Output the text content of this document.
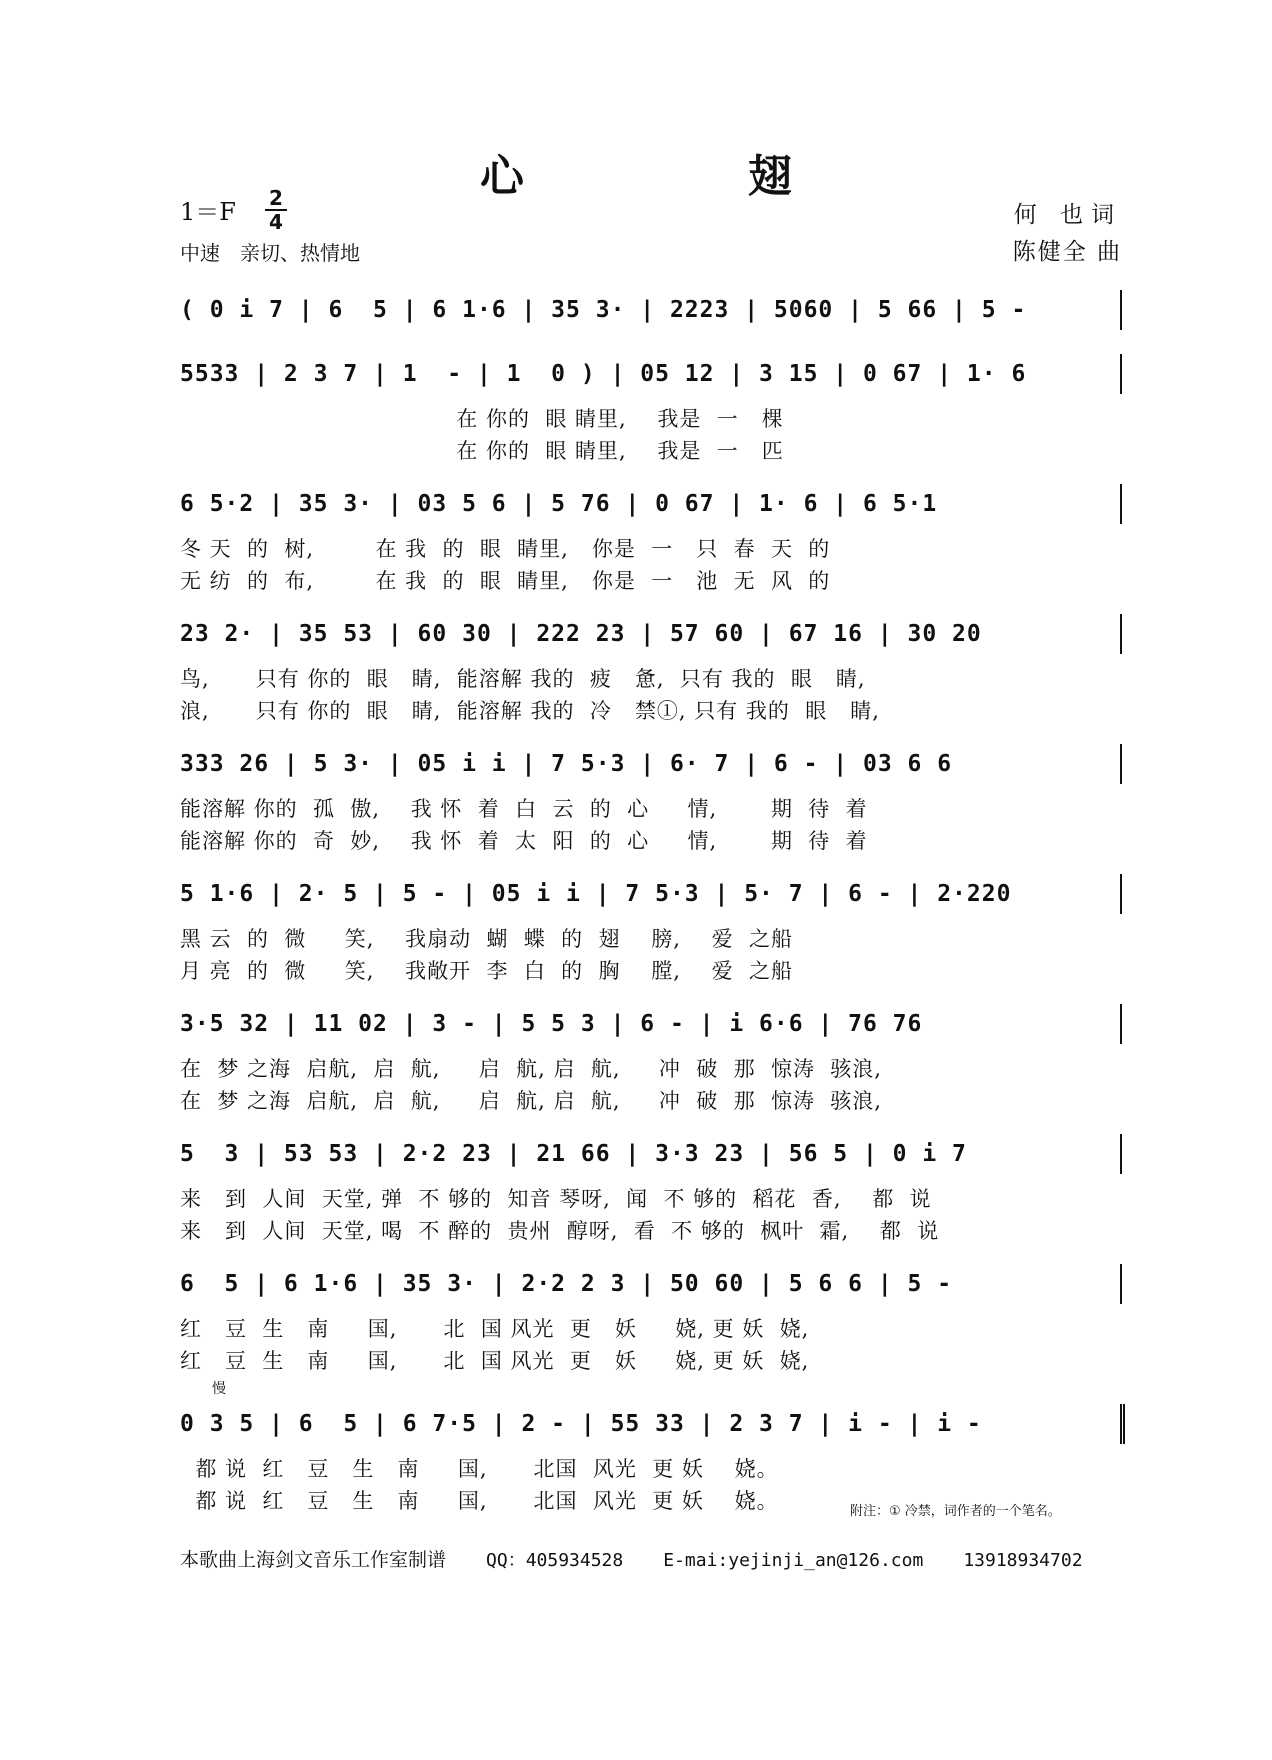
心　翅
1＝F 2
4
中速　亲切、热情地
何 也词
陈健全 曲
( 0 i 7 | 6  5 | 6 1·6 | 35 3· | 2223 | 5060 | 5 66 | 5 -
5533 | 2 3 7 | 1  - | 1  0 ) | 05 12 | 3 15 | 0 67 | 1· 6
在 你的  眼 睛里,    我是  一   棵
在 你的  眼 睛里,    我是  一   匹
6 5·2 | 35 3· | 03 5 6 | 5 76 | 0 67 | 1· 6 | 6 5·1
冬 天  的  树,        在 我  的  眼  睛里,   你是  一   只  春  天  的
无 纺  的  布,        在 我  的  眼  睛里,   你是  一   池  无  风  的
23 2· | 35 53 | 60 30 | 222 23 | 57 60 | 67 16 | 30 20
鸟,      只有 你的  眼   睛,  能溶解 我的  疲   惫,  只有 我的  眼   睛,
浪,      只有 你的  眼   睛,  能溶解 我的  冷   禁①, 只有 我的  眼   睛,
333 26 | 5 3· | 05 i i | 7 5·3 | 6· 7 | 6 - | 03 6 6
能溶解 你的  孤  傲,    我 怀  着  白  云  的  心     情,       期  待  着
能溶解 你的  奇  妙,    我 怀  着  太  阳  的  心     情,       期  待  着
5 1·6 | 2· 5 | 5 - | 05 i i | 7 5·3 | 5· 7 | 6 - | 2·220
黑 云  的  微     笑,    我扇动  蝴  蝶  的  翅    膀,    爱  之船
月 亮  的  微     笑,    我敞开  李  白  的  胸    膛,    爱  之船
3·5 32 | 11 02 | 3 - | 5 5 3 | 6 - | i 6·6 | 76 76
在  梦 之海  启航,  启  航,     启  航, 启  航,     冲  破  那  惊涛  骇浪,
在  梦 之海  启航,  启  航,     启  航, 启  航,     冲  破  那  惊涛  骇浪,
5  3 | 53 53 | 2·2 23 | 21 66 | 3·3 23 | 56 5 | 0 i 7
来   到  人间  天堂, 弹  不 够的  知音 琴呀,  闻  不 够的  稻花  香,    都  说
来   到  人间  天堂, 喝  不 醉的  贵州  醇呀,  看  不 够的  枫叶  霜,    都  说
6  5 | 6 1·6 | 35 3· | 2·2 2 3 | 50 60 | 5 6 6 | 5 -
红   豆  生   南     国,      北  国 风光  更   妖     娆, 更 妖  娆,
红   豆  生   南     国,      北  国 风光  更   妖     娆, 更 妖  娆,
慢
0 3 5 | 6  5 | 6 7·5 | 2 - | 55 33 | 2 3 7 | i - | i -
都 说  红   豆   生   南     国,      北国  风光  更 妖    娆。
都 说  红   豆   生   南     国,      北国  风光  更 妖    娆。	附注：① 冷禁，词作者的一个笔名。
本歌曲上海剑文音乐工作室制谱 QQ：405934528 E-mai:yejinji_an@126.com 13918934702
